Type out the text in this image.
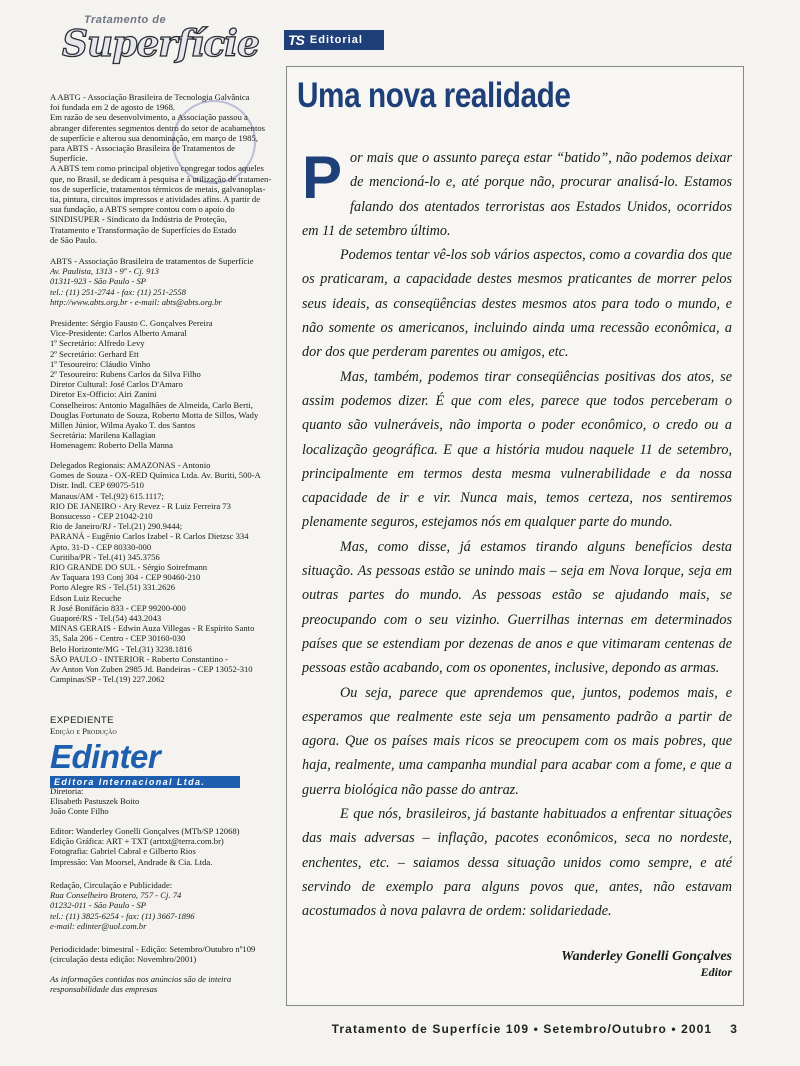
Tratamento de
Superfície

A ABTG - Associação Brasileira de Tecnologia Galvânica

foi fundada em 2 de agosto de 1968.

Em razão de seu desenvolvimento, a Associação passou a

abranger diferentes segmentos dentro do setor de acabamentos

de superfície e alterou sua denominação, em março de 1985,

para ABTS - Associação Brasileira de Tratamentos de

Superfície.

A ABTS tem como principal objetivo congregar todos aqueles

que, no Brasil, se dedicam à pesquisa e à utilização de tratamen-

tos de superfície, tratamentos térmicos de metais, galvanoplas-

tia, pintura, circuitos impressos e atividades afins. A partir de

sua fundação, a ABTS sempre contou com o apoio do

SINDISUPER - Sindicato da Indústria de Proteção,

Tratamento e Transformação de Superfícies do Estado

de São Paulo.

ABTS - Associação Brasileira de tratamentos de Superfície

Av. Paulista, 1313 - 9º - Cj. 913

01311-923 - São Paulo - SP

tel.: (11) 251-2744 - fax: (11) 251-2558

http://www.abts.org.br - e-mail: abts@abts.org.br

Presidente: Sérgio Fausto C. Gonçalves Pereira

Vice-Presidente: Carlos Alberto Amaral

1º Secretário: Alfredo Levy

2º Secretário: Gerhard Ett

1º Tesoureiro: Cláudio Vinho

2º Tesoureiro: Rubens Carlos da Silva Filho

Diretor Cultural: José Carlos D'Amaro

Diretor Ex-Officio: Airi Zanini

Conselheiros: Antonio Magalhães de Almeida, Carlo Berti,

Douglas Fortunato de Souza, Roberto Motta de Sillos, Wady

Millen Júnior, Wilma Ayako T. dos Santos

Secretária: Marilena Kallagian

Homenagem: Roberto Della Manna

Delegados Regionais: AMAZONAS - Antonio

Gomes de Souza - OX-RED Química Ltda. Av. Buriti, 500-A

Distr. Indl. CEP 69075-510

Manaus/AM - Tel.(92) 615.1117;

RIO DE JANEIRO - Ary Revez - R Luiz Ferreira 73

Bonsucesso - CEP 21042-210

Rio de Janeiro/RJ - Tel.(21) 290.9444;

PARANÁ - Eugênio Carlos Izabel - R Carlos Dietzsc 334

Apto. 31-D - CEP 80330-000

Curitiba/PR - Tel.(41) 345.3756

RIO GRANDE DO SUL - Sérgio Soirefmann

Av Taquara 193 Conj 304 - CEP 90460-210

Porto Alegre RS - Tel.(51) 331.2626

Edson Luiz Recuche

R José Bonifácio 833 - CEP 99200-000

Guaporé/RS - Tel.(54) 443.2043

MINAS GERAIS - Edwin Auza Villegas - R Espírito Santo

35, Sala 206 - Centro - CEP 30160-030

Belo Horizonte/MG - Tel.(31) 3238.1816

SÃO PAULO - INTERIOR - Roberto Constantino -

Av Anton Von Zuben 2985 Jd. Bandeiras - CEP 13052-310

Campinas/SP - Tel.(19) 227.2062

EXPEDIENTE

Edição e Produção

Edinter
Editora Internacional Ltda.

Diretoria:

Elisabeth Pastuszek Boito

João Conte Filho

Editor: Wanderley Gonelli Gonçalves (MTb/SP 12068)

Edição Gráfica: ART + TXT (arttxt@terra.com.br)

Fotografia: Gabriel Cabral e Gilberto Rios

Impressão: Van Moorsel, Andrade & Cia. Ltda.

Redação, Circulação e Publicidade:

Rua Conselheiro Brotero, 757 - Cj. 74

01232-011 - São Paulo - SP

tel.: (11) 3825-6254 - fax: (11) 3667-1896

e-mail: edinter@uol.com.br

Periodicidade: bimestral - Edição: Setembro/Outubro nº109

(circulação desta edição: Novembro/2001)

As informações contidas nos anúncios são de inteira

responsabilidade das empresas

TS Editorial
Uma nova realidade

Por mais que o assunto pareça estar “batido”, não podemos deixar de mencioná-lo e, até porque não, procurar analisá-lo. Estamos falando dos atentados terroristas aos Estados Unidos, ocorridos em 11 de setembro último.

Podemos tentar vê-los sob vários aspectos, como a covardia dos que os praticaram, a capacidade destes mesmos praticantes de morrer pelos seus ideais, as conseqüências destes mesmos atos para todo o mundo, e não somente os americanos, incluindo ainda uma recessão econômica, a dor dos que perderam parentes ou amigos, etc.

Mas, também, podemos tirar conseqüências positivas dos atos, se assim podemos dizer. É que com eles, parece que todos perceberam o quanto são vulneráveis, não importa o poder econômico, o credo ou a localização geográfica. E que a história mudou naquele 11 de setembro, principalmente em termos desta mesma vulnerabilidade e da nossa capacidade de ir e vir. Nunca mais, temos certeza, nos sentiremos plenamente seguros, estejamos nós em qualquer parte do mundo.

Mas, como disse, já estamos tirando alguns benefícios desta situação. As pessoas estão se unindo mais – seja em Nova Iorque, seja em outras partes do mundo. As pessoas estão se ajudando mais, se preocupando com o seu vizinho. Guerrilhas internas em determinados países que se estendiam por dezenas de anos e que vitimaram centenas de pessoas estão acabando, com os oponentes, inclusive, depondo as armas.

Ou seja, parece que aprendemos que, juntos, podemos mais, e esperamos que realmente este seja um pensamento padrão a partir de agora. Que os países mais ricos se preocupem com os mais pobres, que haja, realmente, uma campanha mundial para acabar com a fome, e que a guerra biológica não passe do antraz.

E que nós, brasileiros, já bastante habituados a enfrentar situações das mais adversas – inflação, pacotes econômicos, seca no nordeste, enchentes, etc. – saiamos dessa situação unidos como sempre, e até servindo de exemplo para alguns povos que, antes, não estavam acostumados à nova palavra de ordem: solidariedade.

Wanderley Gonelli Gonçalves
Editor
Tratamento de Superfície 109 • Setembro/Outubro • 2001 3
